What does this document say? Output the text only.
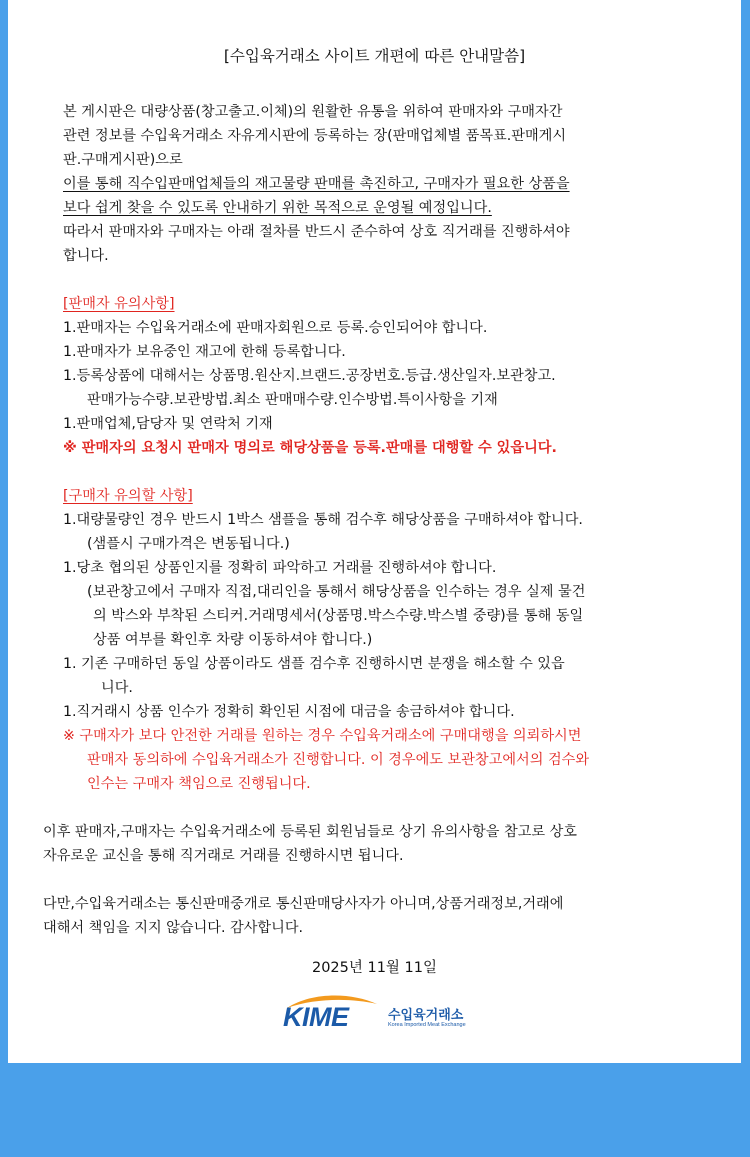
[수입육거래소 사이트 개편에 따른 안내말씀]
본 게시판은 대량상품(창고출고.이체)의 원활한 유통을 위하여 판매자와 구매자간
관련 정보를 수입육거래소 자유게시판에 등록하는 장(판매업체별 품목표.판매게시
판.구매게시판)으로
이를 통해 직수입판매업체들의 재고물량 판매를 촉진하고, 구매자가 필요한 상품을
보다 쉽게 찾을 수 있도록 안내하기 위한 목적으로 운영될 예정입니다.
따라서 판매자와 구매자는 아래 절차를 반드시 준수하여 상호 직거래를 진행하셔야
합니다.
[판매자 유의사항]
1.판매자는 수입육거래소에 판매자회원으로 등록.승인되어야 합니다.
1.판매자가 보유중인 재고에 한해 등록합니다.
1.등록상품에 대해서는 상품명.원산지.브랜드.공장번호.등급.생산일자.보관창고.
판매가능수량.보관방법.최소 판매매수량.인수방법.특이사항을 기재
1.판매업체,담당자 및 연락처 기재
※ 판매자의 요청시 판매자 명의로 해당상품을 등록.판매를 대행할 수 있읍니다.
[구매자 유의할 사항]
1.대량물량인 경우 반드시 1박스 샘플을 통해 검수후 해당상품을 구매하셔야 합니다.
(샘플시 구매가격은 변동됩니다.)
1.당초 협의된 상품인지를 정확히 파악하고 거래를 진행하셔야 합니다.
(보관창고에서 구매자 직접,대리인을 통해서 해당상품을 인수하는 경우 실제 물건
의 박스와 부착된 스티커.거래명세서(상품명.박스수량.박스별 중량)를 통해 동일
상품 여부를 확인후 차량 이동하셔야 합니다.)
1. 기존 구매하던 동일 상품이라도 샘플 검수후 진행하시면 분쟁을 해소할 수 있읍
니다.
1.직거래시 상품 인수가 정확히 확인된 시점에 대금을 송금하셔야 합니다.
※ 구매자가 보다 안전한 거래를 원하는 경우 수입육거래소에 구매대행을 의뢰하시면
판매자 동의하에 수입육거래소가 진행합니다. 이 경우에도 보관창고에서의 검수와
인수는 구매자 책임으로 진행됩니다.
이후 판매자,구매자는 수입육거래소에 등록된 회원님들로 상기 유의사항을 참고로 상호
자유로운 교신을 통해 직거래로 거래를 진행하시면 됩니다.
다만,수입육거래소는 통신판매중개로 통신판매당사자가 아니며,상품거래정보,거래에
대해서 책임을 지지 않습니다. 감사합니다.
2025년 11월 11일
KIME	수입육거래소
Korea Imported Meat Exchange
